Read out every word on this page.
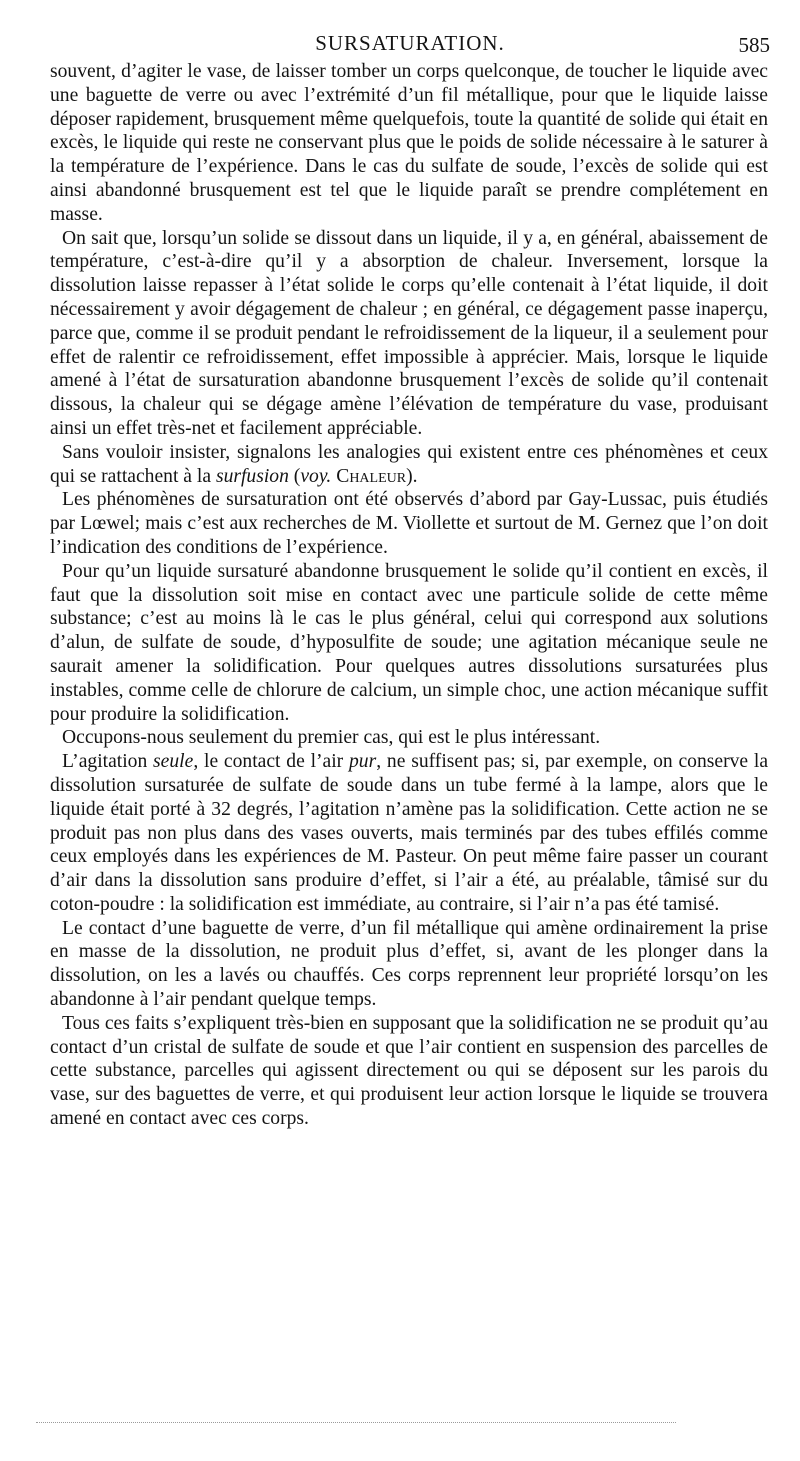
SURSATURATION.	585

souvent, d’agiter le vase, de laisser tomber un corps quelconque, de toucher le liquide avec une baguette de verre ou avec l’extrémité d’un fil métallique, pour que le liquide laisse déposer rapidement, brusquement même quelquefois, toute la quantité de solide qui était en excès, le liquide qui reste ne conservant plus que le poids de solide nécessaire à le saturer à la température de l’expérience. Dans le cas du sulfate de soude, l’excès de solide qui est ainsi abandonné brusquement est tel que le liquide paraît se prendre complétement en masse.

On sait que, lorsqu’un solide se dissout dans un liquide, il y a, en général, abaissement de température, c’est-à-dire qu’il y a absorption de chaleur. Inversement, lorsque la dissolution laisse repasser à l’état solide le corps qu’elle contenait à l’état liquide, il doit nécessairement y avoir dégagement de chaleur ; en général, ce dégagement passe inaperçu, parce que, comme il se produit pendant le refroidissement de la liqueur, il a seulement pour effet de ralentir ce refroidissement, effet impossible à apprécier. Mais, lorsque le liquide amené à l’état de sursaturation abandonne brusquement l’excès de solide qu’il contenait dissous, la chaleur qui se dégage amène l’élévation de température du vase, produisant ainsi un effet très-net et facilement appréciable.

Sans vouloir insister, signalons les analogies qui existent entre ces phénomènes et ceux qui se rattachent à la surfusion (voy. Chaleur).

Les phénomènes de sursaturation ont été observés d’abord par Gay-Lussac, puis étudiés par Lœwel; mais c’est aux recherches de M. Viollette et surtout de M. Gernez que l’on doit l’indication des conditions de l’expérience.

Pour qu’un liquide sursaturé abandonne brusquement le solide qu’il contient en excès, il faut que la dissolution soit mise en contact avec une particule solide de cette même substance; c’est au moins là le cas le plus général, celui qui correspond aux solutions d’alun, de sulfate de soude, d’hyposulfite de soude; une agitation mécanique seule ne saurait amener la solidification. Pour quelques autres dissolutions sursaturées plus instables, comme celle de chlorure de calcium, un simple choc, une action mécanique suffit pour produire la solidification.

Occupons-nous seulement du premier cas, qui est le plus intéressant.

L’agitation seule, le contact de l’air pur, ne suffisent pas; si, par exemple, on conserve la dissolution sursaturée de sulfate de soude dans un tube fermé à la lampe, alors que le liquide était porté à 32 degrés, l’agitation n’amène pas la solidification. Cette action ne se produit pas non plus dans des vases ouverts, mais terminés par des tubes effilés comme ceux employés dans les expériences de M. Pasteur. On peut même faire passer un courant d’air dans la dissolution sans produire d’effet, si l’air a été, au préalable, tâmisé sur du coton-poudre : la solidification est immédiate, au contraire, si l’air n’a pas été tamisé.

Le contact d’une baguette de verre, d’un fil métallique qui amène ordinairement la prise en masse de la dissolution, ne produit plus d’effet, si, avant de les plonger dans la dissolution, on les a lavés ou chauffés. Ces corps reprennent leur propriété lorsqu’on les abandonne à l’air pendant quelque temps.

Tous ces faits s’expliquent très-bien en supposant que la solidification ne se produit qu’au contact d’un cristal de sulfate de soude et que l’air contient en suspension des parcelles de cette substance, parcelles qui agissent directement ou qui se déposent sur les parois du vase, sur des baguettes de verre, et qui produisent leur action lorsque le liquide se trouvera amené en contact avec ces corps.
